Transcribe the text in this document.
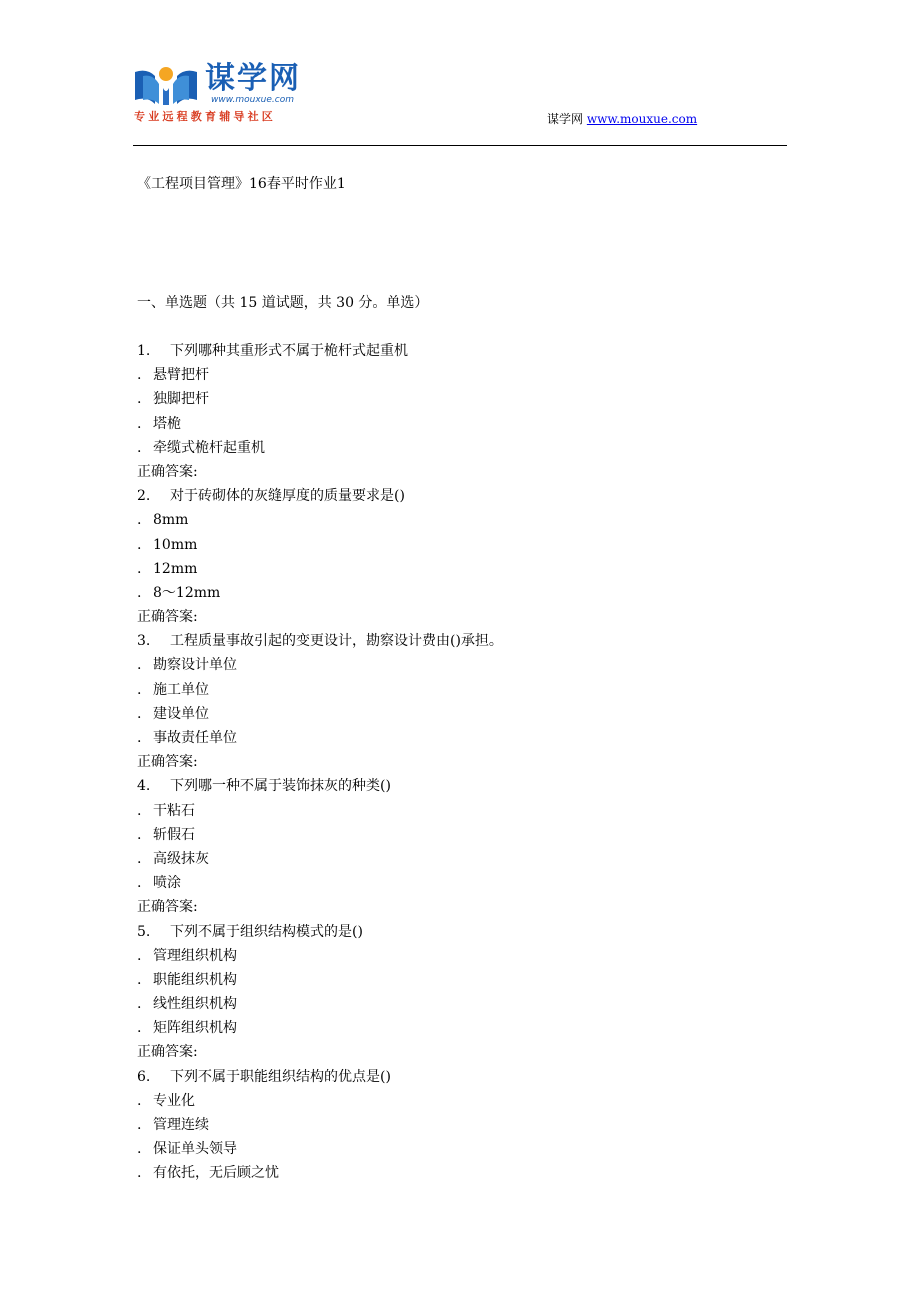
谋学网
www.mouxue.com
专业远程教育辅导社区	谋学网 www.mouxue.com
《工程项目管理》16春平时作业1
一、单选题（共 15 道试题，共 30 分。单选）
1. 下列哪种其重形式不属于桅杆式起重机
. 悬臂把杆
. 独脚把杆
. 塔桅
. 牵缆式桅杆起重机
正确答案:
2. 对于砖砌体的灰缝厚度的质量要求是()
. 8mm
. 10mm
. 12mm
. 8～12mm
正确答案:
3. 工程质量事故引起的变更设计，勘察设计费由()承担。
. 勘察设计单位
. 施工单位
. 建设单位
. 事故责任单位
正确答案:
4. 下列哪一种不属于装饰抹灰的种类()
. 干粘石
. 斩假石
. 高级抹灰
. 喷涂
正确答案:
5. 下列不属于组织结构模式的是()
. 管理组织机构
. 职能组织机构
. 线性组织机构
. 矩阵组织机构
正确答案:
6. 下列不属于职能组织结构的优点是()
. 专业化
. 管理连续
. 保证单头领导
. 有依托，无后顾之忧
